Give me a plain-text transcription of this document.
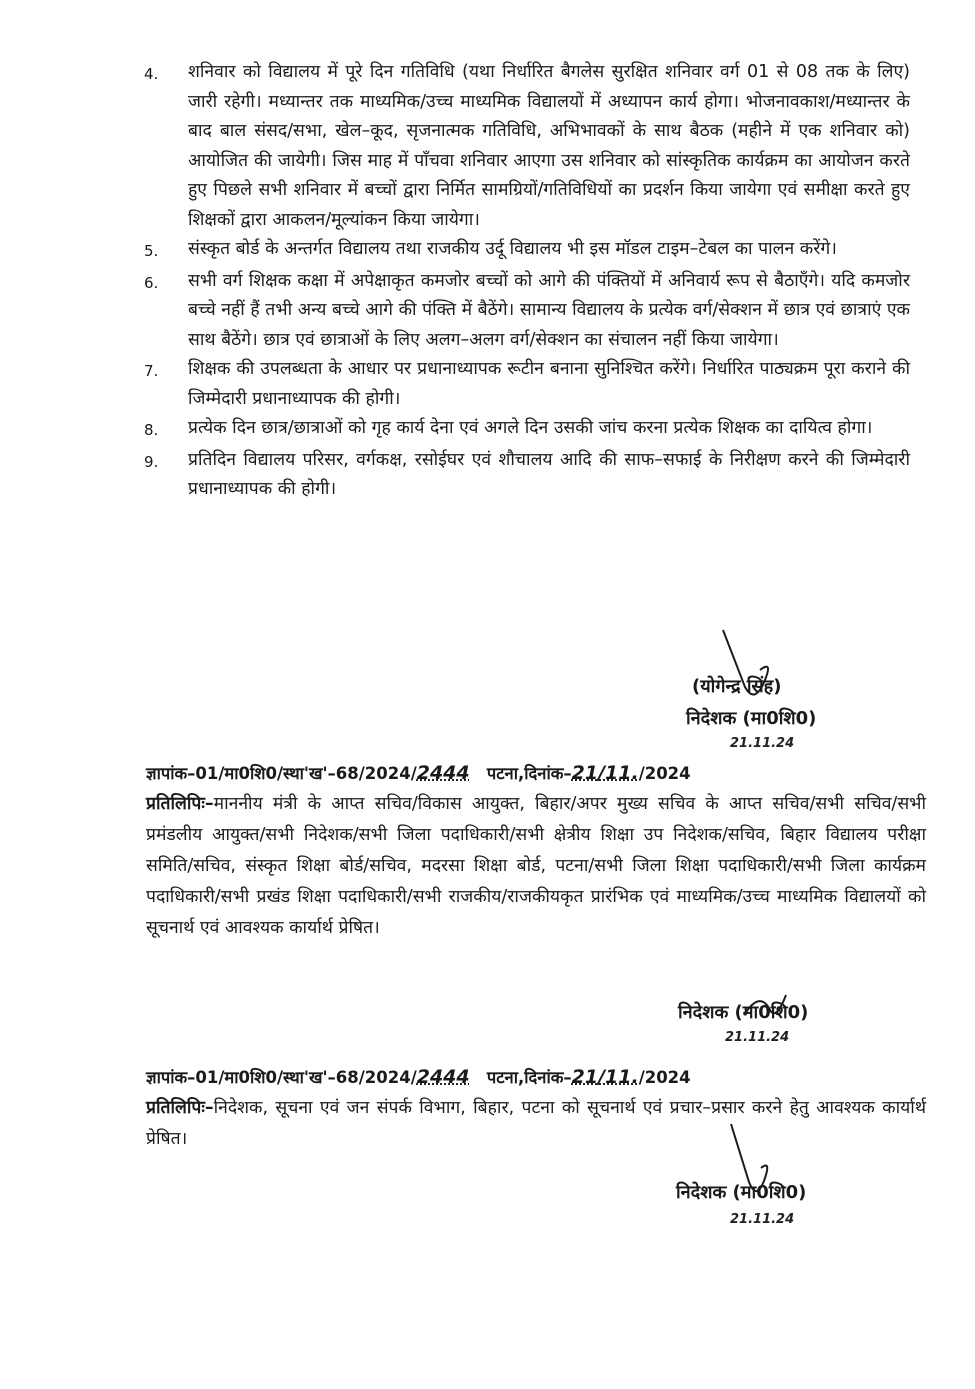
4.	शनिवार को विद्यालय में पूरे दिन गतिविधि (यथा निर्धारित बैगलेस सुरक्षित शनिवार वर्ग 01 से 08 तक के लिए) जारी रहेगी। मध्यान्तर तक माध्यमिक/उच्च माध्यमिक विद्यालयों में अध्यापन कार्य होगा। भोजनावकाश/मध्यान्तर के बाद बाल संसद/सभा, खेल–कूद, सृजनात्मक गतिविधि, अभिभावकों के साथ बैठक (महीने में एक शनिवार को) आयोजित की जायेगी। जिस माह में पाँचवा शनिवार आएगा उस शनिवार को सांस्कृतिक कार्यक्रम का आयोजन करते हुए पिछले सभी शनिवार में बच्चों द्वारा निर्मित सामग्रियों/गतिविधियों का प्रदर्शन किया जायेगा एवं समीक्षा करते हुए शिक्षकों द्वारा आकलन/मूल्यांकन किया जायेगा।
5.	संस्कृत बोर्ड के अन्तर्गत विद्यालय तथा राजकीय उर्दू विद्यालय भी इस मॉडल टाइम–टेबल का पालन करेंगे।
6.	सभी वर्ग शिक्षक कक्षा में अपेक्षाकृत कमजोर बच्चों को आगे की पंक्तियों में अनिवार्य रूप से बैठाएँगे। यदि कमजोर बच्चे नहीं हैं तभी अन्य बच्चे आगे की पंक्ति में बैठेंगे। सामान्य विद्यालय के प्रत्येक वर्ग/सेक्शन में छात्र एवं छात्राएं एक साथ बैठेंगे। छात्र एवं छात्राओं के लिए अलग–अलग वर्ग/सेक्शन का संचालन नहीं किया जायेगा।
7.	शिक्षक की उपलब्धता के आधार पर प्रधानाध्यापक रूटीन बनाना सुनिश्चित करेंगे। निर्धारित पाठ्यक्रम पूरा कराने की जिम्मेदारी प्रधानाध्यापक की होगी।
8.	प्रत्येक दिन छात्र/छात्राओं को गृह कार्य देना एवं अगले दिन उसकी जांच करना प्रत्येक शिक्षक का दायित्व होगा।
9.	प्रतिदिन विद्यालय परिसर, वर्गकक्ष, रसोईघर एवं शौचालय आदि की साफ–सफाई के निरीक्षण करने की जिम्मेदारी प्रधानाध्यापक की होगी।
(योगेन्द्र सिंह)
निदेशक (मा0शि0)
21.11.24
ज्ञापांक–01/मा0शि0/स्था'ख'–68/2024/2444 पटना,दिनांक–21/11./2024
प्रतिलिपिः–माननीय मंत्री के आप्त सचिव/विकास आयुक्त, बिहार/अपर मुख्य सचिव के आप्त सचिव/सभी सचिव/सभी प्रमंडलीय आयुक्त/सभी निदेशक/सभी जिला पदाधिकारी/सभी क्षेत्रीय शिक्षा उप निदेशक/सचिव, बिहार विद्यालय परीक्षा समिति/सचिव, संस्कृत शिक्षा बोर्ड/सचिव, मदरसा शिक्षा बोर्ड, पटना/सभी जिला शिक्षा पदाधिकारी/सभी जिला कार्यक्रम पदाधिकारी/सभी प्रखंड शिक्षा पदाधिकारी/सभी राजकीय/राजकीयकृत प्रारंभिक एवं माध्यमिक/उच्च माध्यमिक विद्यालयों को सूचनार्थ एवं आवश्यक कार्यार्थ प्रेषित।
निदेशक (मा0शि0)
21.11.24
ज्ञापांक–01/मा0शि0/स्था'ख'–68/2024/2444 पटना,दिनांक–21/11./2024
प्रतिलिपिः–निदेशक, सूचना एवं जन संपर्क विभाग, बिहार, पटना को सूचनार्थ एवं प्रचार–प्रसार करने हेतु आवश्यक कार्यार्थ प्रेषित।
निदेशक (मा0शि0)
21.11.24
